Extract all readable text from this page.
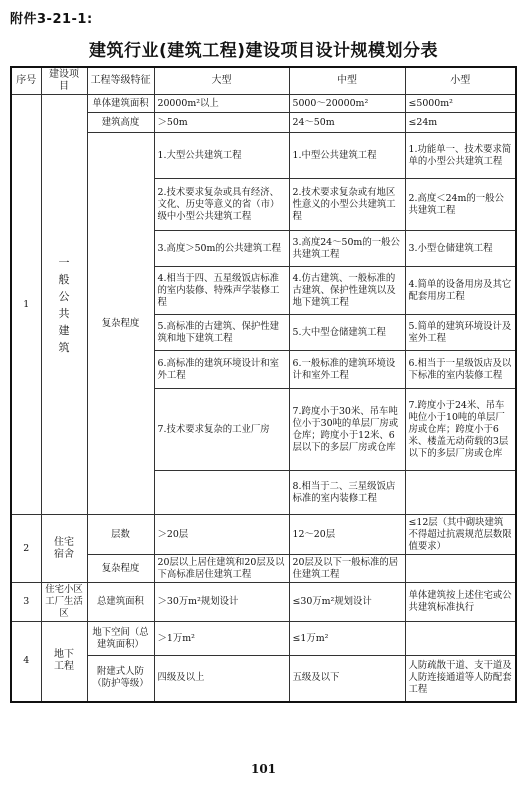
附件3-21-1:
建筑行业(建筑工程)建设项目设计规模划分表
序号	建设项目	工程等级特征	大型	中型	小型
1	一般公共建筑	单体建筑面积	20000m²以上	5000～20000m²	≤5000m²
		建筑高度	＞50m	24～50m	≤24m
		复杂程度	1.大型公共建筑工程	1.中型公共建筑工程	1.功能单一、技术要求简单的小型公共建筑工程
			2.技术要求复杂或具有经济、文化、历史等意义的省（市）级中小型公共建筑工程	2.技术要求复杂或有地区性意义的小型公共建筑工程	2.高度＜24m的一般公共建筑工程
			3.高度＞50m的公共建筑工程	3.高度24～50m的一般公共建筑工程	3.小型仓储建筑工程
			4.相当于四、五星级饭店标准的室内装修、特殊声学装修工程	4.仿古建筑、一般标准的古建筑、保护性建筑以及地下建筑工程	4.简单的设备用房及其它配套用房工程
			5.高标准的古建筑、保护性建筑和地下建筑工程	5.大中型仓储建筑工程	5.简单的建筑环境设计及室外工程
			6.高标准的建筑环境设计和室外工程	6.一般标准的建筑环境设计和室外工程	6.相当于一星级饭店及以下标准的室内装修工程
			7.技术要求复杂的工业厂房	7.跨度小于30米、吊车吨位小于30吨的单层厂房或仓库；跨度小于12米、6层以下的多层厂房或仓库	7.跨度小于24米、吊车吨位小于10吨的单层厂房或仓库；跨度小于6米、楼盖无动荷载的3层以下的多层厂房或仓库
				8.相当于二、三星级饭店标准的室内装修工程	
2	住宅宿舍	层数	＞20层	12～20层	≤12层（其中砌块建筑不得超过抗震规范层数限值要求）
		复杂程度	20层以上居住建筑和20层及以下高标准居住建筑工程	20层及以下一般标准的居住建筑工程	
3	住宅小区工厂生活区	总建筑面积	＞30万m²规划设计	≤30万m²规划设计	单体建筑按上述住宅或公共建筑标准执行
4	地下工程	地下空间（总建筑面积）	＞1万m²	≤1万m²	
		附建式人防（防护等级）	四级及以上	五级及以下	人防疏散干道、支干道及人防连接通道等人防配套工程
101
